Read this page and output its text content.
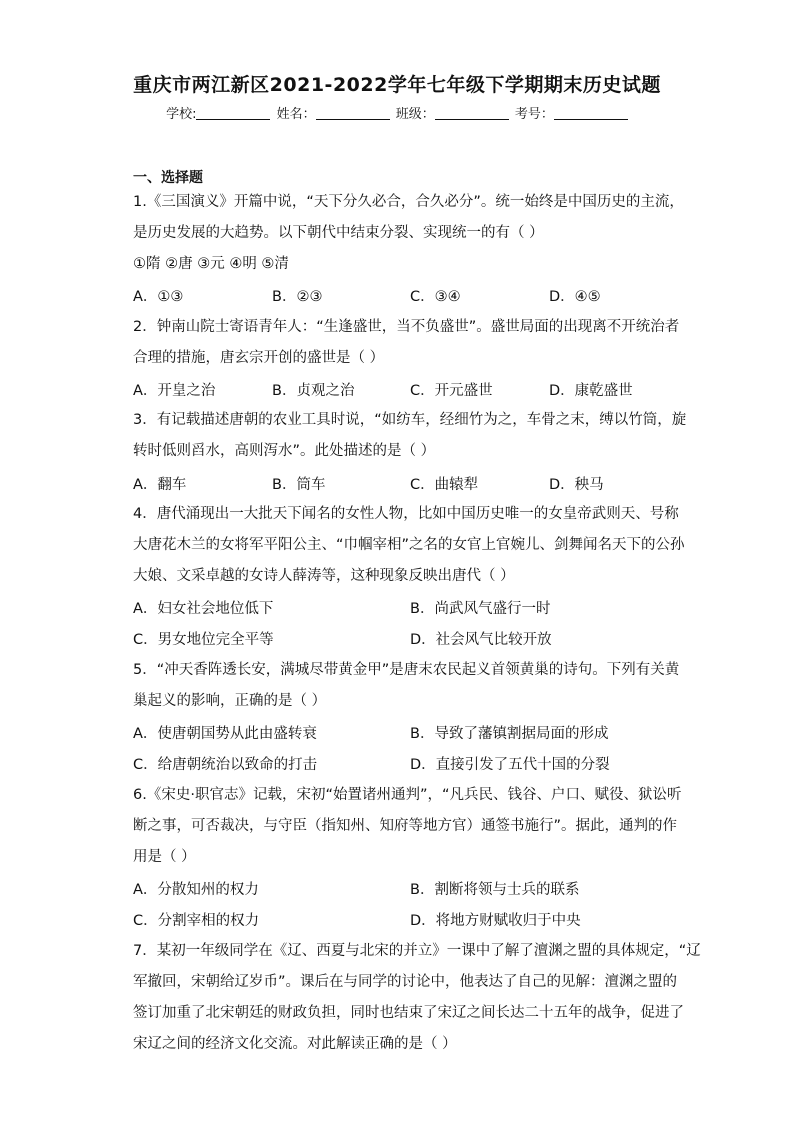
重庆市两江新区2021-2022学年七年级下学期期末历史试题
学校:	姓名：	班级：	考号：
一、选择题
1.《三国演义》开篇中说，“天下分久必合，合久必分”。统一始终是中国历史的主流，
是历史发展的大趋势。以下朝代中结束分裂、实现统一的有（ ）
①隋 ②唐 ③元 ④明 ⑤清
A．①③	B．②③	C．③④	D．④⑤
2．钟南山院士寄语青年人：“生逢盛世，当不负盛世”。盛世局面的出现离不开统治者
合理的措施，唐玄宗开创的盛世是（ ）
A．开皇之治	B．贞观之治	C．开元盛世	D．康乾盛世
3．有记载描述唐朝的农业工具时说，“如纺车，经细竹为之，车骨之末，缚以竹筒，旋
转时低则舀水，高则泻水”。此处描述的是（ ）
A．翻车	B．筒车	C．曲辕犁	D．秧马
4．唐代涌现出一大批天下闻名的女性人物，比如中国历史唯一的女皇帝武则天、号称
大唐花木兰的女将军平阳公主、“巾帼宰相”之名的女官上官婉儿、剑舞闻名天下的公孙
大娘、文采卓越的女诗人薛涛等，这种现象反映出唐代（ ）
A．妇女社会地位低下	B．尚武风气盛行一时
C．男女地位完全平等	D．社会风气比较开放
5．“冲天香阵透长安，满城尽带黄金甲”是唐末农民起义首领黄巢的诗句。下列有关黄
巢起义的影响，正确的是（ ）
A．使唐朝国势从此由盛转衰	B．导致了藩镇割据局面的形成
C．给唐朝统治以致命的打击	D．直接引发了五代十国的分裂
6.《宋史·职官志》记载，宋初“始置诸州通判”，“凡兵民、钱谷、户口、赋役、狱讼听
断之事，可否裁决，与守臣（指知州、知府等地方官）通签书施行”。据此，通判的作
用是（ ）
A．分散知州的权力	B．割断将领与士兵的联系
C．分割宰相的权力	D．将地方财赋收归于中央
7．某初一年级同学在《辽、西夏与北宋的并立》一课中了解了澶渊之盟的具体规定，“辽
军撤回，宋朝给辽岁币”。课后在与同学的讨论中，他表达了自己的见解：澶渊之盟的
签订加重了北宋朝廷的财政负担，同时也结束了宋辽之间长达二十五年的战争，促进了
宋辽之间的经济文化交流。对此解读正确的是（ ）
